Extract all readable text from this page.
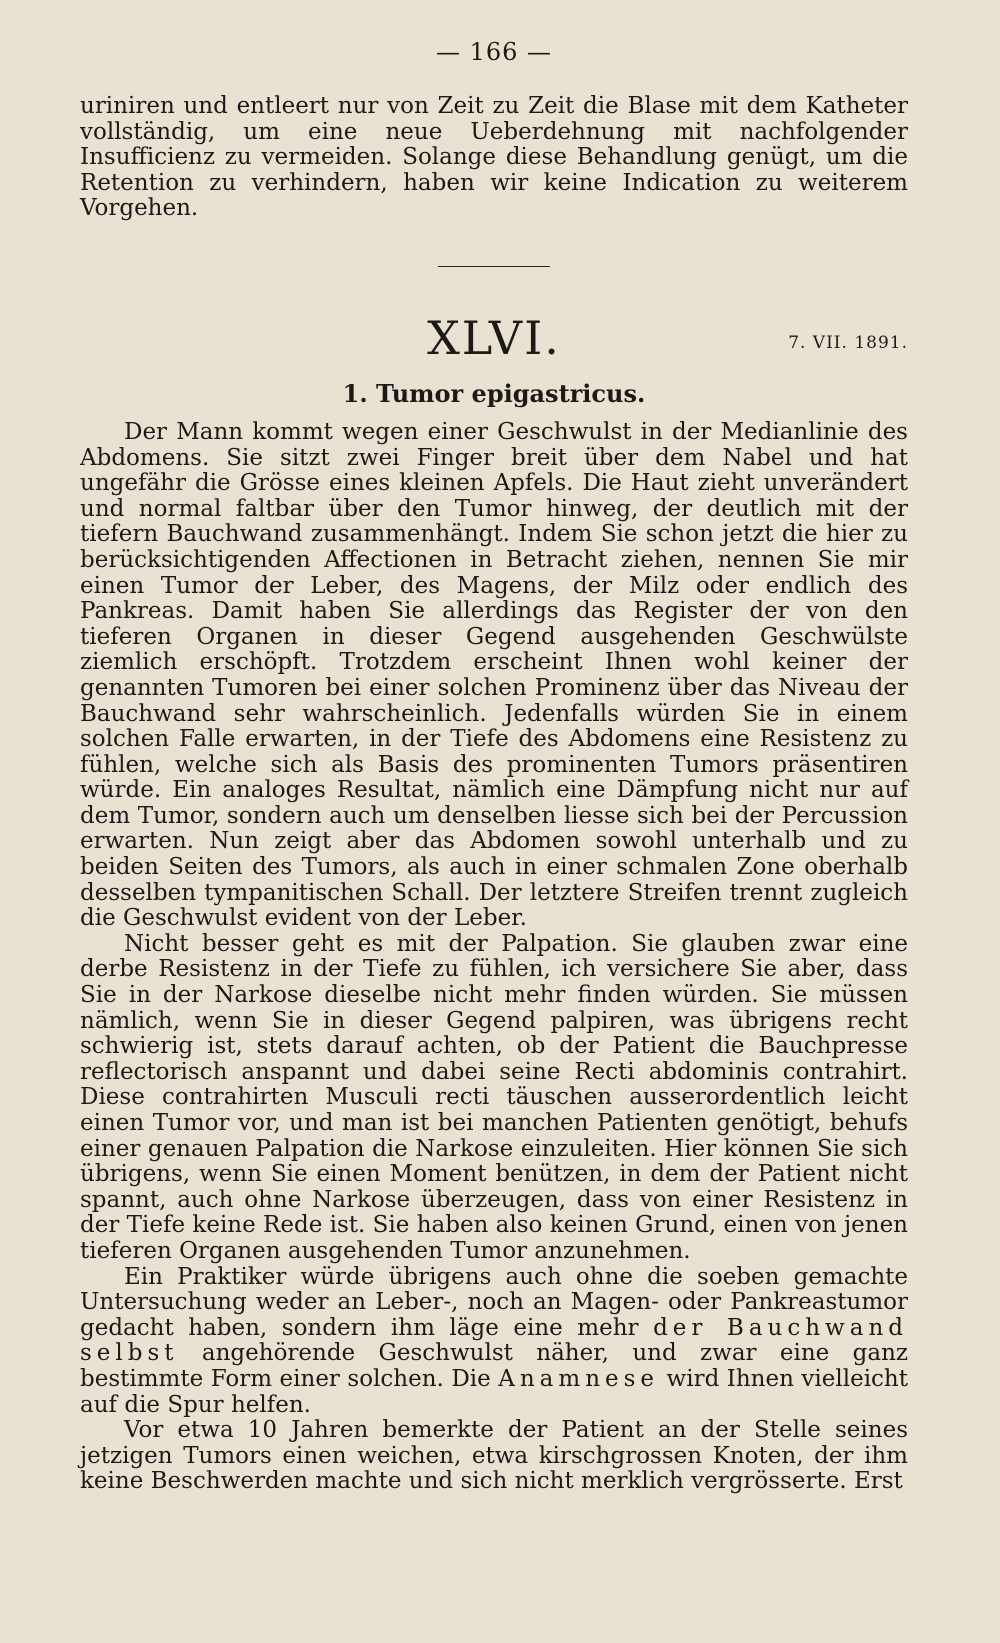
— 166 —

uriniren und entleert nur von Zeit zu Zeit die Blase mit dem Katheter vollständig, um eine neue Ueberdehnung mit nachfolgender Insufficienz zu vermeiden. Solange diese Behandlung genügt, um die Retention zu verhindern, haben wir keine Indication zu weiterem Vorgehen.

XLVI.	7. VII. 1891.
1. Tumor epigastricus.

Der Mann kommt wegen einer Geschwulst in der Medianlinie des Abdomens. Sie sitzt zwei Finger breit über dem Nabel und hat ungefähr die Grösse eines kleinen Apfels. Die Haut zieht unverändert und normal faltbar über den Tumor hinweg, der deutlich mit der tiefern Bauchwand zusammenhängt. Indem Sie schon jetzt die hier zu berücksichtigenden Affectionen in Betracht ziehen, nennen Sie mir einen Tumor der Leber, des Magens, der Milz oder endlich des Pankreas. Damit haben Sie allerdings das Register der von den tieferen Organen in dieser Gegend ausgehenden Geschwülste ziemlich erschöpft. Trotzdem erscheint Ihnen wohl keiner der genannten Tumoren bei einer solchen Prominenz über das Niveau der Bauchwand sehr wahrscheinlich. Jedenfalls würden Sie in einem solchen Falle erwarten, in der Tiefe des Abdomens eine Resistenz zu fühlen, welche sich als Basis des prominenten Tumors präsentiren würde. Ein analoges Resultat, nämlich eine Dämpfung nicht nur auf dem Tumor, sondern auch um denselben liesse sich bei der Percussion erwarten. Nun zeigt aber das Abdomen sowohl unterhalb und zu beiden Seiten des Tumors, als auch in einer schmalen Zone oberhalb desselben tympanitischen Schall. Der letztere Streifen trennt zugleich die Geschwulst evident von der Leber.

Nicht besser geht es mit der Palpation. Sie glauben zwar eine derbe Resistenz in der Tiefe zu fühlen, ich versichere Sie aber, dass Sie in der Narkose dieselbe nicht mehr finden würden. Sie müssen nämlich, wenn Sie in dieser Gegend palpiren, was übrigens recht schwierig ist, stets darauf achten, ob der Patient die Bauchpresse reflectorisch anspannt und dabei seine Recti abdominis contrahirt. Diese contrahirten Musculi recti täuschen ausserordentlich leicht einen Tumor vor, und man ist bei manchen Patienten genötigt, behufs einer genauen Palpation die Narkose einzuleiten. Hier können Sie sich übrigens, wenn Sie einen Moment benützen, in dem der Patient nicht spannt, auch ohne Narkose überzeugen, dass von einer Resistenz in der Tiefe keine Rede ist. Sie haben also keinen Grund, einen von jenen tieferen Organen ausgehenden Tumor anzunehmen.

Ein Praktiker würde übrigens auch ohne die soeben gemachte Untersuchung weder an Leber-, noch an Magen- oder Pankreastumor gedacht haben, sondern ihm läge eine mehr der Bauchwand selbst angehörende Geschwulst näher, und zwar eine ganz bestimmte Form einer solchen. Die Anamnese wird Ihnen vielleicht auf die Spur helfen.

Vor etwa 10 Jahren bemerkte der Patient an der Stelle seines jetzigen Tumors einen weichen, etwa kirschgrossen Knoten, der ihm keine Beschwerden machte und sich nicht merklich vergrösserte. Erst
